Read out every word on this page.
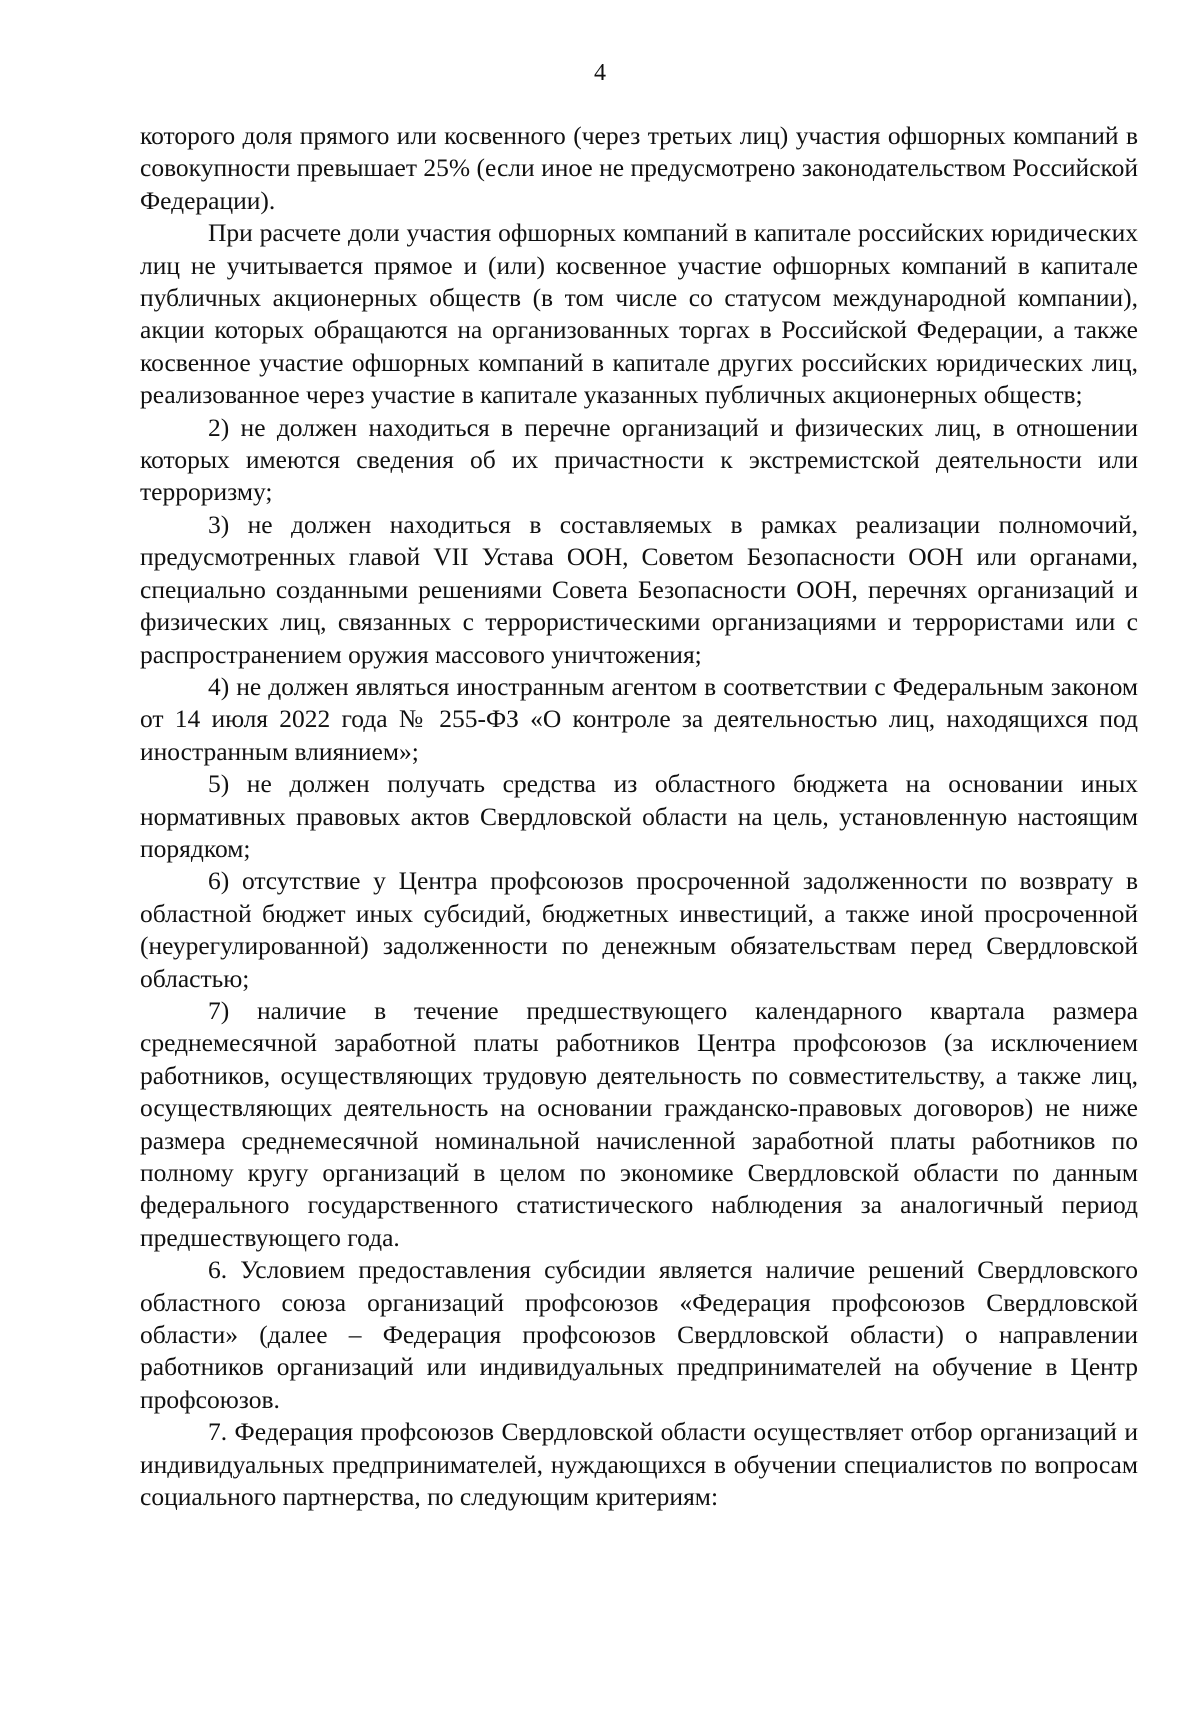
4

которого доля прямого или косвенного (через третьих лиц) участия офшорных компаний в совокупности превышает 25% (если иное не предусмотрено законодательством Российской Федерации).

При расчете доли участия офшорных компаний в капитале российских юридических лиц не учитывается прямое и (или) косвенное участие офшорных компаний в капитале публичных акционерных обществ (в том числе со статусом международной компании), акции которых обращаются на организованных торгах в Российской Федерации, а также косвенное участие офшорных компаний в капитале других российских юридических лиц, реализованное через участие в капитале указанных публичных акционерных обществ;

2) не должен находиться в перечне организаций и физических лиц, в отношении которых имеются сведения об их причастности к экстремистской деятельности или терроризму;

3) не должен находиться в составляемых в рамках реализации полномочий, предусмотренных главой VII Устава ООН, Советом Безопасности ООН или органами, специально созданными решениями Совета Безопасности ООН, перечнях организаций и физических лиц, связанных с террористическими организациями и террористами или с распространением оружия массового уничтожения;

4) не должен являться иностранным агентом в соответствии с Федеральным законом от 14 июля 2022 года № 255-ФЗ «О контроле за деятельностью лиц, находящихся под иностранным влиянием»;

5) не должен получать средства из областного бюджета на основании иных нормативных правовых актов Свердловской области на цель, установленную настоящим порядком;

6) отсутствие у Центра профсоюзов просроченной задолженности по возврату в областной бюджет иных субсидий, бюджетных инвестиций, а также иной просроченной (неурегулированной) задолженности по денежным обязательствам перед Свердловской областью;

7) наличие в течение предшествующего календарного квартала размера среднемесячной заработной платы работников Центра профсоюзов (за исключением работников, осуществляющих трудовую деятельность по совместительству, а также лиц, осуществляющих деятельность на основании гражданско-правовых договоров) не ниже размера среднемесячной номинальной начисленной заработной платы работников по полному кругу организаций в целом по экономике Свердловской области по данным федерального государственного статистического наблюдения за аналогичный период предшествующего года.

6. Условием предоставления субсидии является наличие решений Свердловского областного союза организаций профсоюзов «Федерация профсоюзов Свердловской области» (далее – Федерация профсоюзов Свердловской области) о направлении работников организаций или индивидуальных предпринимателей на обучение в Центр профсоюзов.

7. Федерация профсоюзов Свердловской области осуществляет отбор организаций и индивидуальных предпринимателей, нуждающихся в обучении специалистов по вопросам социального партнерства, по следующим критериям:
